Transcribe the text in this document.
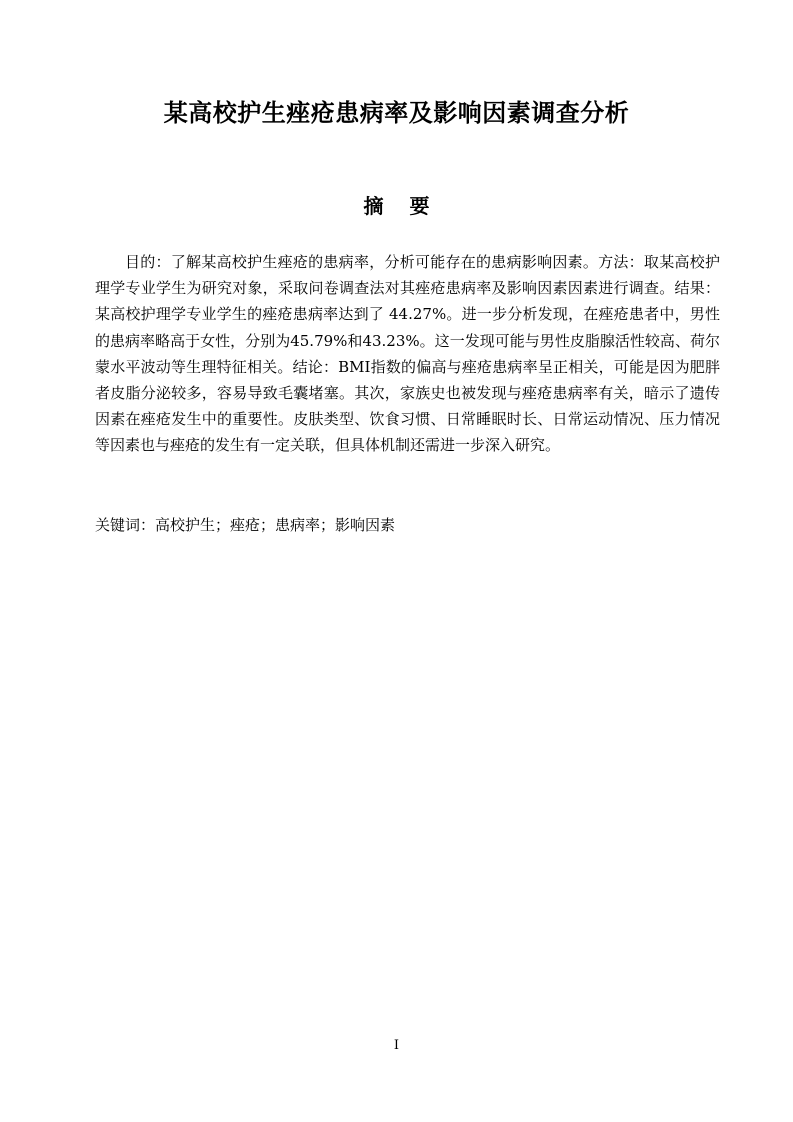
某高校护生痤疮患病率及影响因素调查分析
摘要

目的：了解某高校护生痤疮的患病率，分析可能存在的患病影响因素。方法：取某高校护理学专业学生为研究对象，采取问卷调查法对其痤疮患病率及影响因素因素进行调查。结果：某高校护理学专业学生的痤疮患病率达到了 44.27%。进一步分析发现，在痤疮患者中，男性的患病率略高于女性，分别为45.79%和43.23%。这一发现可能与男性皮脂腺活性较高、荷尔蒙水平波动等生理特征相关。结论：BMI指数的偏高与痤疮患病率呈正相关，可能是因为肥胖者皮脂分泌较多，容易导致毛囊堵塞。其次，家族史也被发现与痤疮患病率有关，暗示了遗传因素在痤疮发生中的重要性。皮肤类型、饮食习惯、日常睡眠时长、日常运动情况、压力情况等因素也与痤疮的发生有一定关联，但具体机制还需进一步深入研究。

关键词：高校护生；痤疮；患病率；影响因素

I
